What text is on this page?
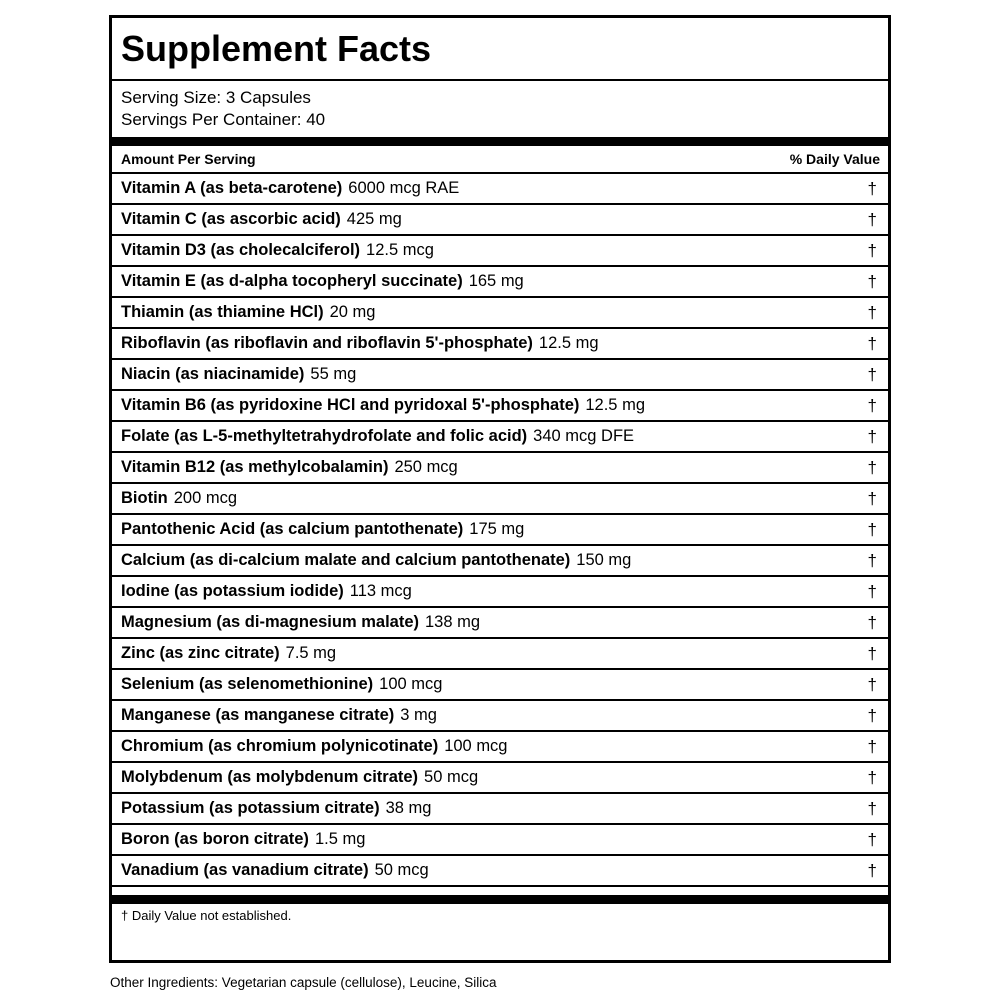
Supplement Facts
Serving Size: 3 Capsules
Servings Per Container: 40
Amount Per Serving	% Daily Value
Vitamin A (as beta-carotene) 6000 mcg RAE	†
Vitamin C (as ascorbic acid) 425 mg	†
Vitamin D3 (as cholecalciferol) 12.5 mcg	†
Vitamin E (as d-alpha tocopheryl succinate) 165 mg	†
Thiamin (as thiamine HCl) 20 mg	†
Riboflavin (as riboflavin and riboflavin 5'-phosphate) 12.5 mg	†
Niacin (as niacinamide) 55 mg	†
Vitamin B6 (as pyridoxine HCl and pyridoxal 5'-phosphate) 12.5 mg	†
Folate (as L-5-methyltetrahydrofolate and folic acid) 340 mcg DFE	†
Vitamin B12 (as methylcobalamin) 250 mcg	†
Biotin 200 mcg	†
Pantothenic Acid (as calcium pantothenate) 175 mg	†
Calcium (as di-calcium malate and calcium pantothenate) 150 mg	†
Iodine (as potassium iodide) 113 mcg	†
Magnesium (as di-magnesium malate) 138 mg	†
Zinc (as zinc citrate) 7.5 mg	†
Selenium (as selenomethionine) 100 mcg	†
Manganese (as manganese citrate) 3 mg	†
Chromium (as chromium polynicotinate) 100 mcg	†
Molybdenum (as molybdenum citrate) 50 mcg	†
Potassium (as potassium citrate) 38 mg	†
Boron (as boron citrate) 1.5 mg	†
Vanadium (as vanadium citrate) 50 mcg	†
† Daily Value not established.
Other Ingredients: Vegetarian capsule (cellulose), Leucine, Silica
